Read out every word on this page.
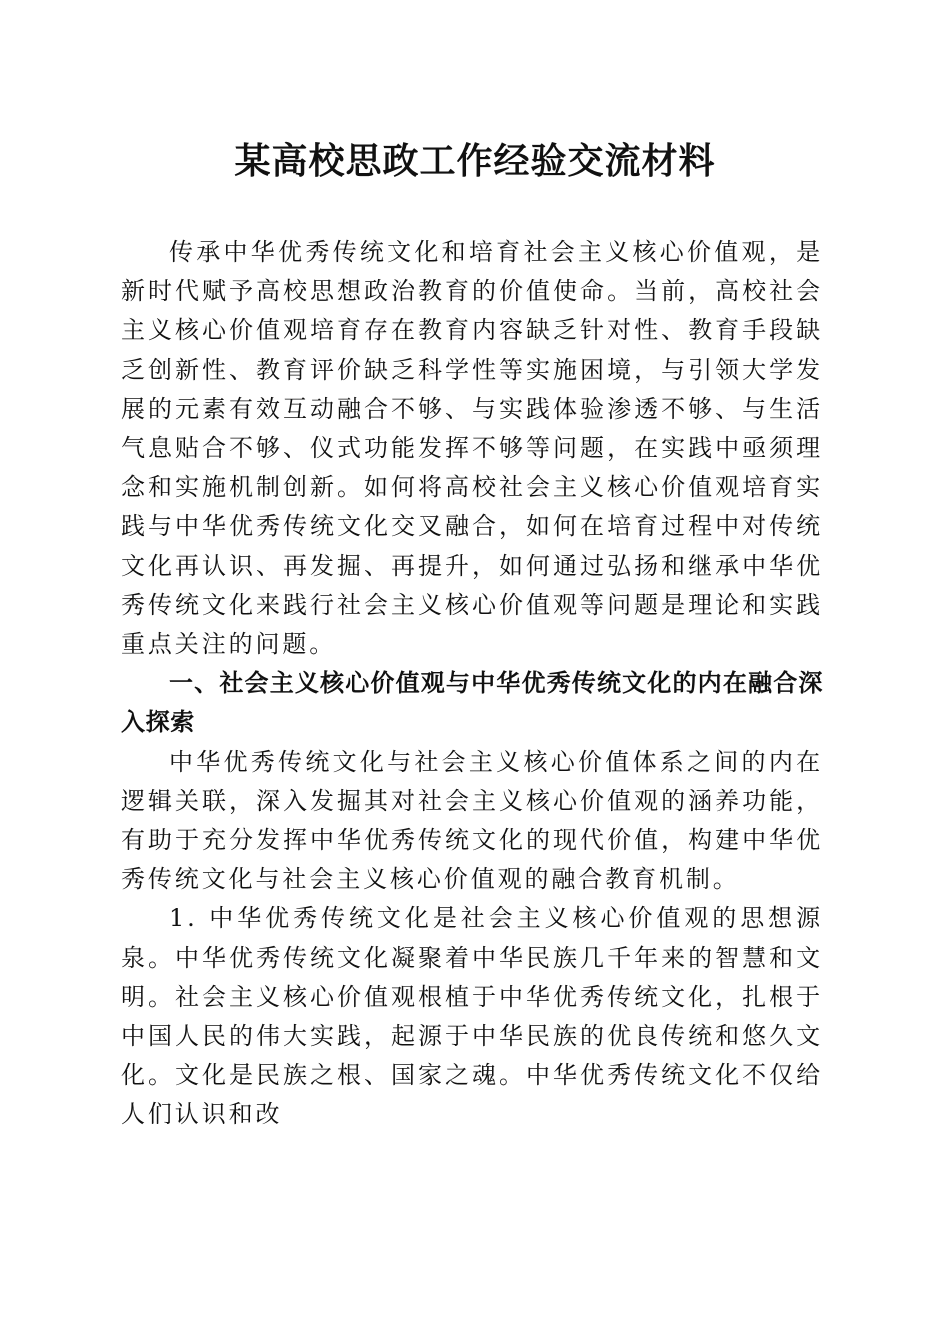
某高校思政工作经验交流材料

传承中华优秀传统文化和培育社会主义核心价值观，是新时代赋予高校思想政治教育的价值使命。当前，高校社会主义核心价值观培育存在教育内容缺乏针对性、教育手段缺乏创新性、教育评价缺乏科学性等实施困境，与引领大学发展的元素有效互动融合不够、与实践体验渗透不够、与生活气息贴合不够、仪式功能发挥不够等问题，在实践中亟须理念和实施机制创新。如何将高校社会主义核心价值观培育实践与中华优秀传统文化交叉融合，如何在培育过程中对传统文化再认识、再发掘、再提升，如何通过弘扬和继承中华优秀传统文化来践行社会主义核心价值观等问题是理论和实践重点关注的问题。

一、社会主义核心价值观与中华优秀传统文化的内在融合深入探索

中华优秀传统文化与社会主义核心价值体系之间的内在逻辑关联，深入发掘其对社会主义核心价值观的涵养功能，有助于充分发挥中华优秀传统文化的现代价值，构建中华优秀传统文化与社会主义核心价值观的融合教育机制。

1. 中华优秀传统文化是社会主义核心价值观的思想源泉。中华优秀传统文化凝聚着中华民族几千年来的智慧和文明。社会主义核心价值观根植于中华优秀传统文化，扎根于中国人民的伟大实践，起源于中华民族的优良传统和悠久文化。文化是民族之根、国家之魂。中华优秀传统文化不仅给人们认识和改
